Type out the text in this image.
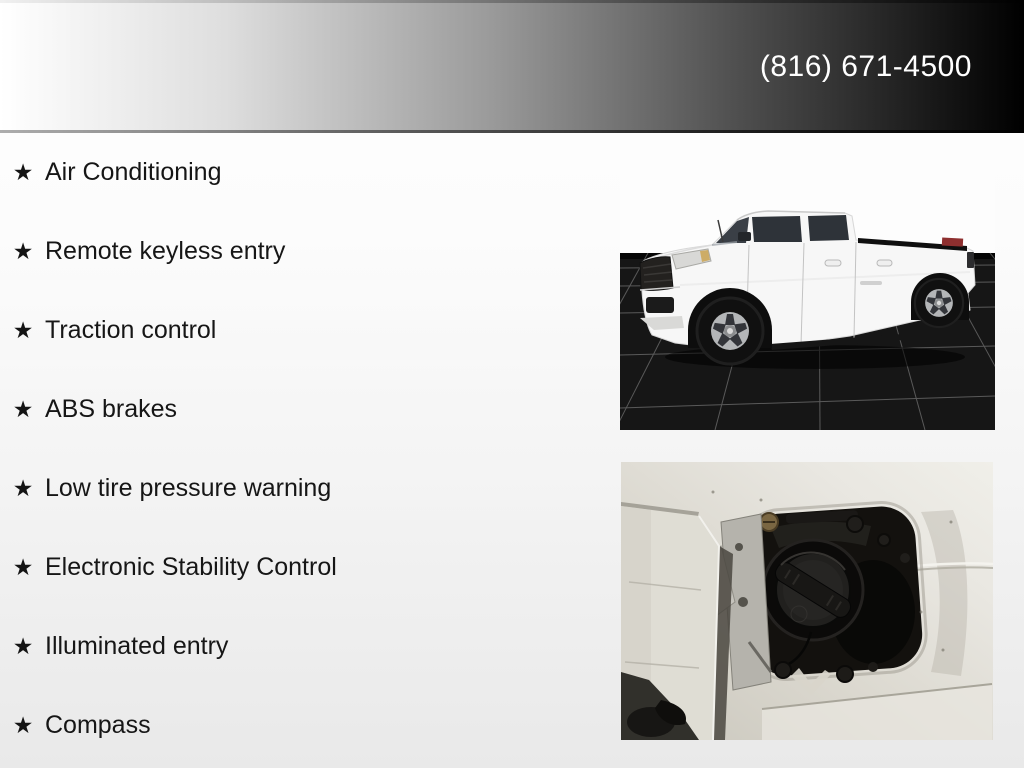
(816) 671-4500
★ Air Conditioning
★ Remote keyless entry
★ Traction control
★ ABS brakes
★ Low tire pressure warning
★ Electronic Stability Control
★ Illuminated entry
★ Compass
